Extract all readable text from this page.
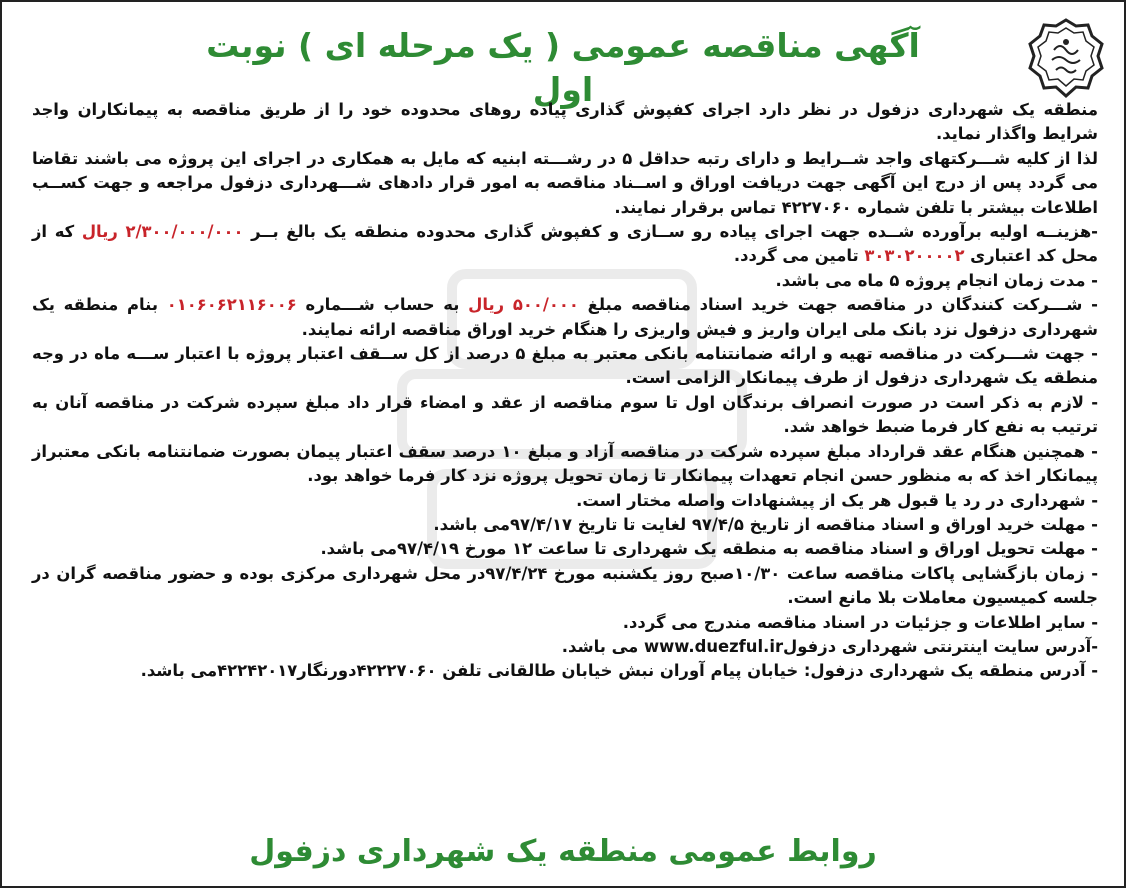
آگهی مناقصه عمومی ( یک مرحله ای ) نوبت اول

منطقه یک شهرداری دزفول در نظر دارد اجرای کفپوش گذاری پیاده روهای محدوده خود را از طریق مناقصه به پیمانکاران واجد شرایط واگذار نماید.

لذا از کلیه شـــرکتهای واجد شــرایط و دارای رتبه حداقل ۵ در رشـــته ابنیه که مایل به همکاری در اجرای این پروژه می باشند تقاضا می گردد پس از درج این آگهی جهت دریافت اوراق و اســناد مناقصه به امور قرار دادهای شـــهرداری دزفول مراجعه و جهت کســب اطلاعات بیشتر با تلفن شماره ۴۲۲۷۰۶۰ تماس برقرار نمایند.

-هزینــه اولیه برآورده شــده جهت اجرای پیاده رو ســازی و کفپوش گذاری محدوده منطقه یک بالغ بــر ۲/۳۰۰/۰۰۰/۰۰۰ ریال که از محل کد اعتباری ۳۰۳۰۲۰۰۰۰۲ تامین می گردد.

- مدت زمان انجام پروژه ۵ ماه می باشد.

- شـــرکت کنندگان در مناقصه جهت خرید اسناد مناقصه مبلغ ۵۰۰/۰۰۰ ریال به حساب شـــماره ۰۱۰۶۰۶۲۱۱۶۰۰۶ بنام منطقه یک شهرداری دزفول نزد بانک ملی ایران واریز و فیش واریزی را هنگام خرید اوراق مناقصه ارائه نمایند.

- جهت شـــرکت در مناقصه تهیه و ارائه ضمانتنامه بانکی معتبر به مبلغ ۵ درصد از کل ســقف اعتبار پروژه با اعتبار ســـه ماه در وجه منطقه یک شهرداری دزفول از طرف پیمانکار الزامی است.

- لازم به ذکر است در صورت انصراف برندگان اول تا سوم مناقصه از عقد و امضاء قرار داد مبلغ سپرده شرکت در مناقصه آنان به ترتیب به نفع کار فرما ضبط خواهد شد.

- همچنین هنگام عقد قرارداد مبلغ سپرده شرکت در مناقصه آزاد و مبلغ ۱۰ درصد سقف اعتبار پیمان بصورت ضمانتنامه بانکی معتبراز پیمانکار اخذ که به منظور حسن انجام تعهدات پیمانکار تا زمان تحویل پروژه نزد کار فرما خواهد بود.

- شهرداری در رد یا قبول هر یک از پیشنهادات واصله مختار است.

- مهلت خرید اوراق و اسناد مناقصه از تاریخ ۹۷/۴/۵ لغایت تا تاریخ ۹۷/۴/۱۷می باشد.

- مهلت تحویل اوراق و اسناد مناقصه به منطقه یک شهرداری تا ساعت ۱۲ مورخ ۹۷/۴/۱۹می باشد.

- زمان بازگشایی پاکات مناقصه ساعت ۱۰/۳۰صبح روز یکشنبه مورخ ۹۷/۴/۲۴در محل شهرداری مرکزی بوده و حضور مناقصه گران در جلسه کمیسیون معاملات بلا مانع است.

- سایر اطلاعات و جزئیات در اسناد مناقصه مندرج می گردد.

-آدرس سایت اینترنتی شهرداری دزفولwww.duezful.ir می باشد.

- آدرس منطقه یک شهرداری دزفول: خیابان پیام آوران نبش خیابان طالقانی تلفن ۴۲۲۲۷۰۶۰دورنگار۴۲۲۴۲۰۱۷می باشد.

روابط عمومی منطقه یک شهرداری دزفول
